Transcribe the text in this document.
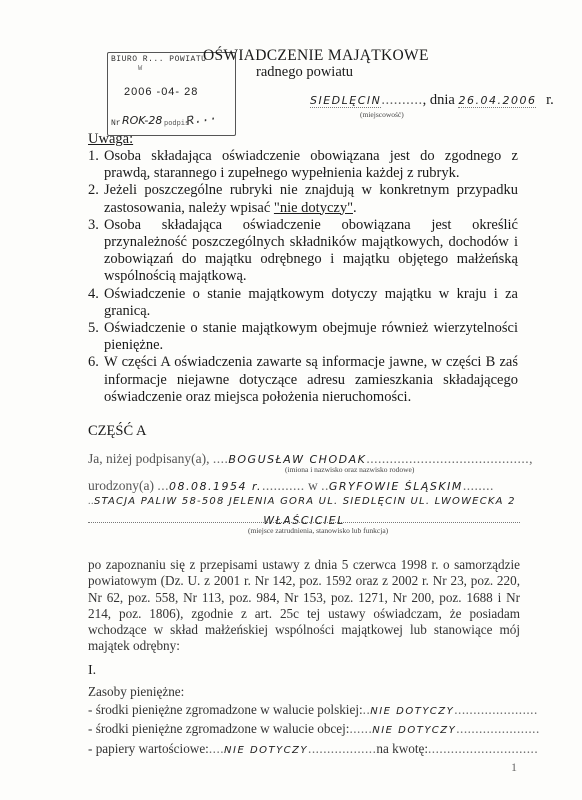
BIURO R... POWIATU
W
2006 -04- 28
Nr ROK-28 podpis
R...
OŚWIADCZENIE MAJĄTKOWE
radnego powiatu
SIEDLĘCIN.........., dnia 26.04.2006 r.
(miejscowość)
Uwaga:
1. Osoba składająca oświadczenie obowiązana jest do zgodnego z prawdą, starannego i zupełnego wypełnienia każdej z rubryk.
2. Jeżeli poszczególne rubryki nie znajdują w konkretnym przypadku zastosowania, należy wpisać "nie dotyczy".
3. Osoba składająca oświadczenie obowiązana jest określić przynależność poszczególnych składników majątkowych, dochodów i zobowiązań do majątku odrębnego i majątku objętego małżeńską wspólnością majątkową.
4. Oświadczenie o stanie majątkowym dotyczy majątku w kraju i za granicą.
5. Oświadczenie o stanie majątkowym obejmuje również wierzytelności pieniężne.
6. W części A oświadczenia zawarte są informacje jawne, w części B zaś informacje niejawne dotyczące adresu zamieszkania składającego oświadczenie oraz miejsca położenia nieruchomości.
CZĘŚĆ A
Ja, niżej podpisany(a), ....BOGUSŁAW CHODAK..........................................,
(imiona i nazwisko oraz nazwisko rodowe)
urodzony(a) ...08.08.1954 r............ w ..GRYFOWIE ŚLĄSKIM........
..STACJA PALIW 58-508 JELENIA GÓRA UL. SIEDLĘCIN UL. LWÓWECKA 2
WŁAŚCICIEL
(miejsce zatrudnienia, stanowisko lub funkcja)
po zapoznaniu się z przepisami ustawy z dnia 5 czerwca 1998 r. o samorządzie powiatowym (Dz. U. z 2001 r. Nr 142, poz. 1592 oraz z 2002 r. Nr 23, poz. 220, Nr 62, poz. 558, Nr 113, poz. 984, Nr 153, poz. 1271, Nr 200, poz. 1688 i Nr 214, poz. 1806), zgodnie z art. 25c tej ustawy oświadczam, że posiadam wchodzące w skład małżeńskiej wspólności majątkowej lub stanowiące mój majątek odrębny:
I.
Zasoby pieniężne:
- środki pieniężne zgromadzone w walucie polskiej:..NIE DOTYCZY......................
- środki pieniężne zgromadzone w walucie obcej:......NIE DOTYCZY......................
- papiery wartościowe:....NIE DOTYCZY..................na kwotę:.............................
1
